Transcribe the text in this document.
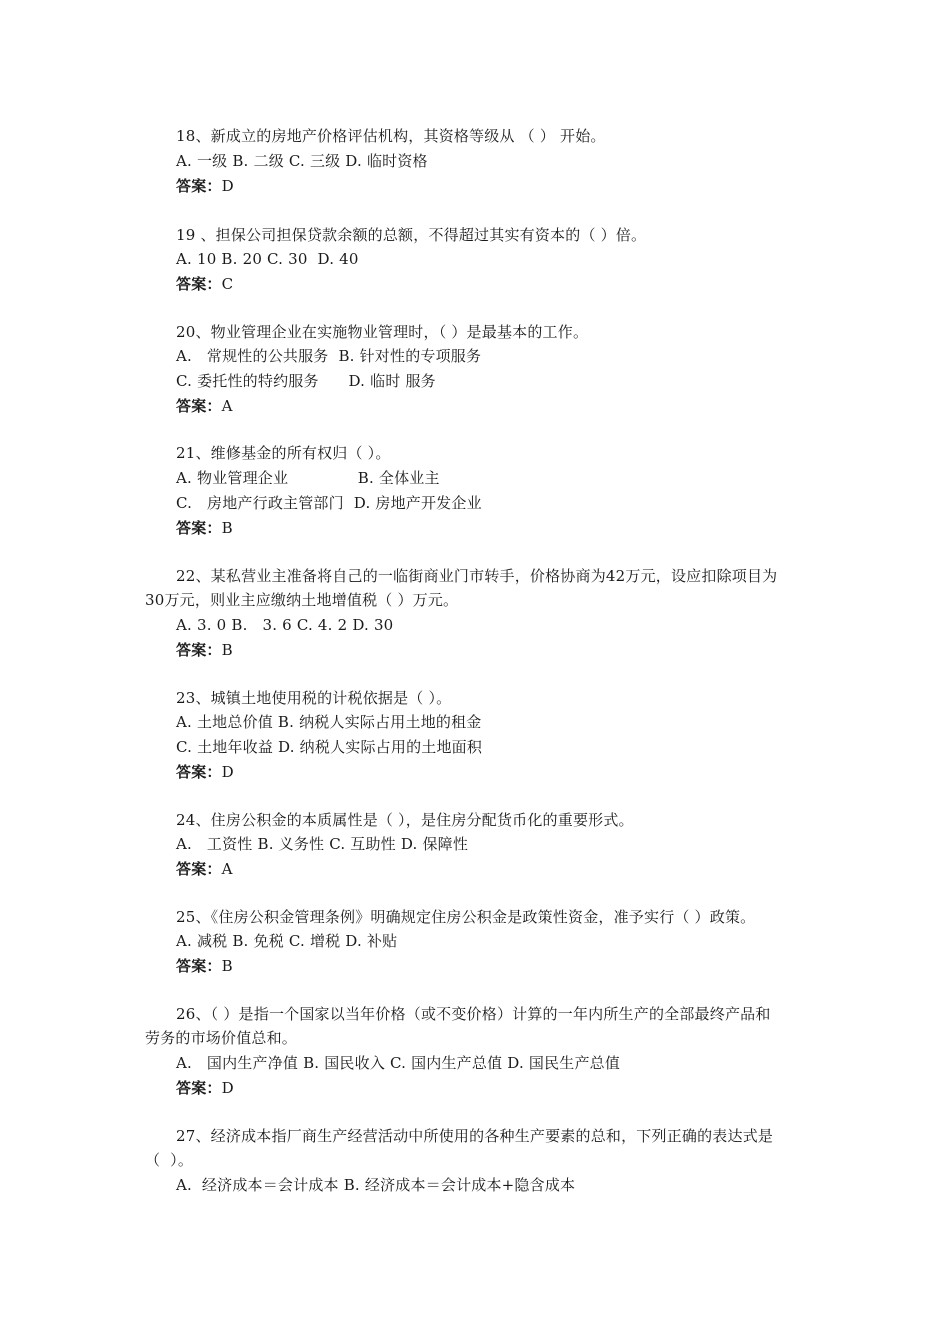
18、新成立的房地产价格评估机构，其资格等级从 （ ） 开始。
A. 一级 B. 二级 C. 三级 D. 临时资格
答案：D
19 、担保公司担保贷款余额的总额，不得超过其实有资本的（ ）倍。
A. 10 B. 20 C. 30  D. 40
答案：C
20、物业管理企业在实施物业管理时，（ ）是最基本的工作。
A.   常规性的公共服务  B. 针对性的专项服务
C. 委托性的特约服务      D. 临时 服务
答案：A
21、维修基金的所有权归（ ）。
A. 物业管理企业              B. 全体业主
C.   房地产行政主管部门  D. 房地产开发企业
答案：B
22、某私营业主准备将自己的一临街商业门市转手，价格协商为42万元，设应扣除项目为
30万元，则业主应缴纳土地增值税（ ）万元。
A. 3. 0 B.   3. 6 C. 4. 2 D. 30
答案：B
23、城镇土地使用税的计税依据是（ ）。
A. 土地总价值 B. 纳税人实际占用土地的租金
C. 土地年收益 D. 纳税人实际占用的土地面积
答案：D
24、住房公积金的本质属性是（ ），是住房分配货币化的重要形式。
A.   工资性 B. 义务性 C. 互助性 D. 保障性
答案：A
25、《住房公积金管理条例》明确规定住房公积金是政策性资金，准予实行（ ）政策。
A. 减税 B. 免税 C. 增税 D. 补贴
答案：B
26、（ ）是指一个国家以当年价格（或不变价格）计算的一年内所生产的全部最终产品和
劳务的市场价值总和。
A.   国内生产净值 B. 国民收入 C. 国内生产总值 D. 国民生产总值
答案：D
27、经济成本指厂商生产经营活动中所使用的各种生产要素的总和，下列正确的表达式是
（  ）。
A.  经济成本＝会计成本 B. 经济成本＝会计成本+隐含成本
